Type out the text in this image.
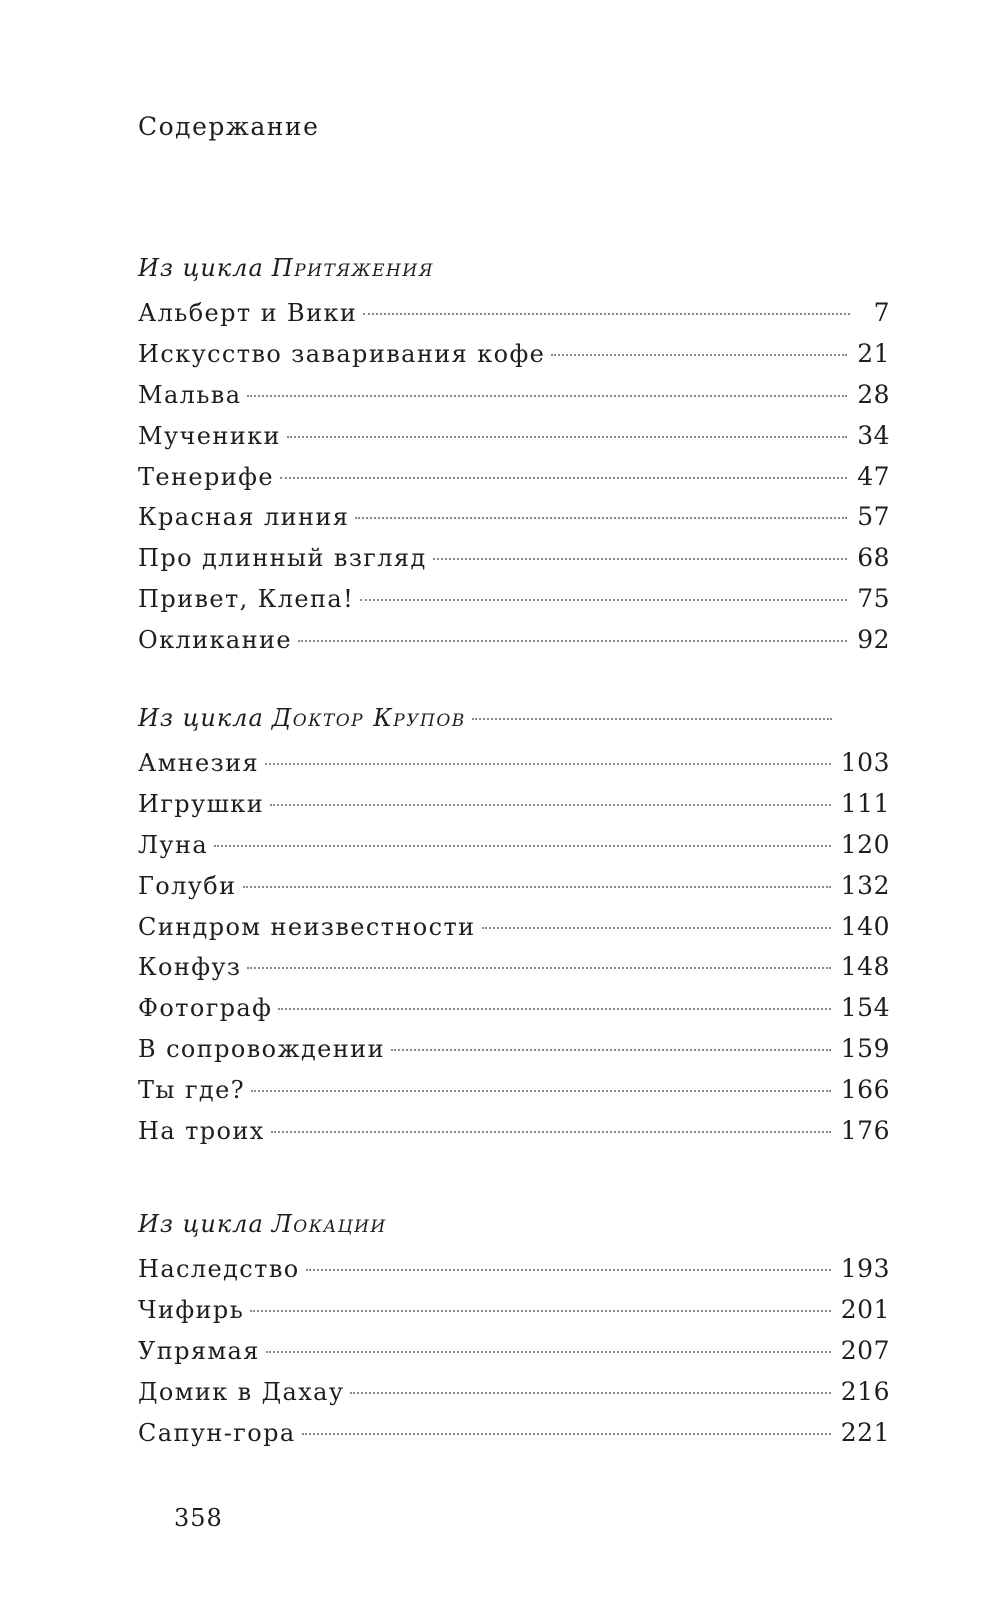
Содержание
Из цикла Притяжения
Альберт и Вики	7
Искусство заваривания кофе	21
Мальва	28
Мученики	34
Тенерифе	47
Красная линия	57
Про длинный взгляд	68
Привет, Клепа!	75
Окликание	92
Из цикла Доктор Крупов
Амнезия	103
Игрушки	111
Луна	120
Голуби	132
Синдром неизвестности	140
Конфуз	148
Фотограф	154
В сопровождении	159
Ты где?	166
На троих	176
Из цикла Локации
Наследство	193
Чифирь	201
Упрямая	207
Домик в Дахау	216
Сапун-гора	221
358
